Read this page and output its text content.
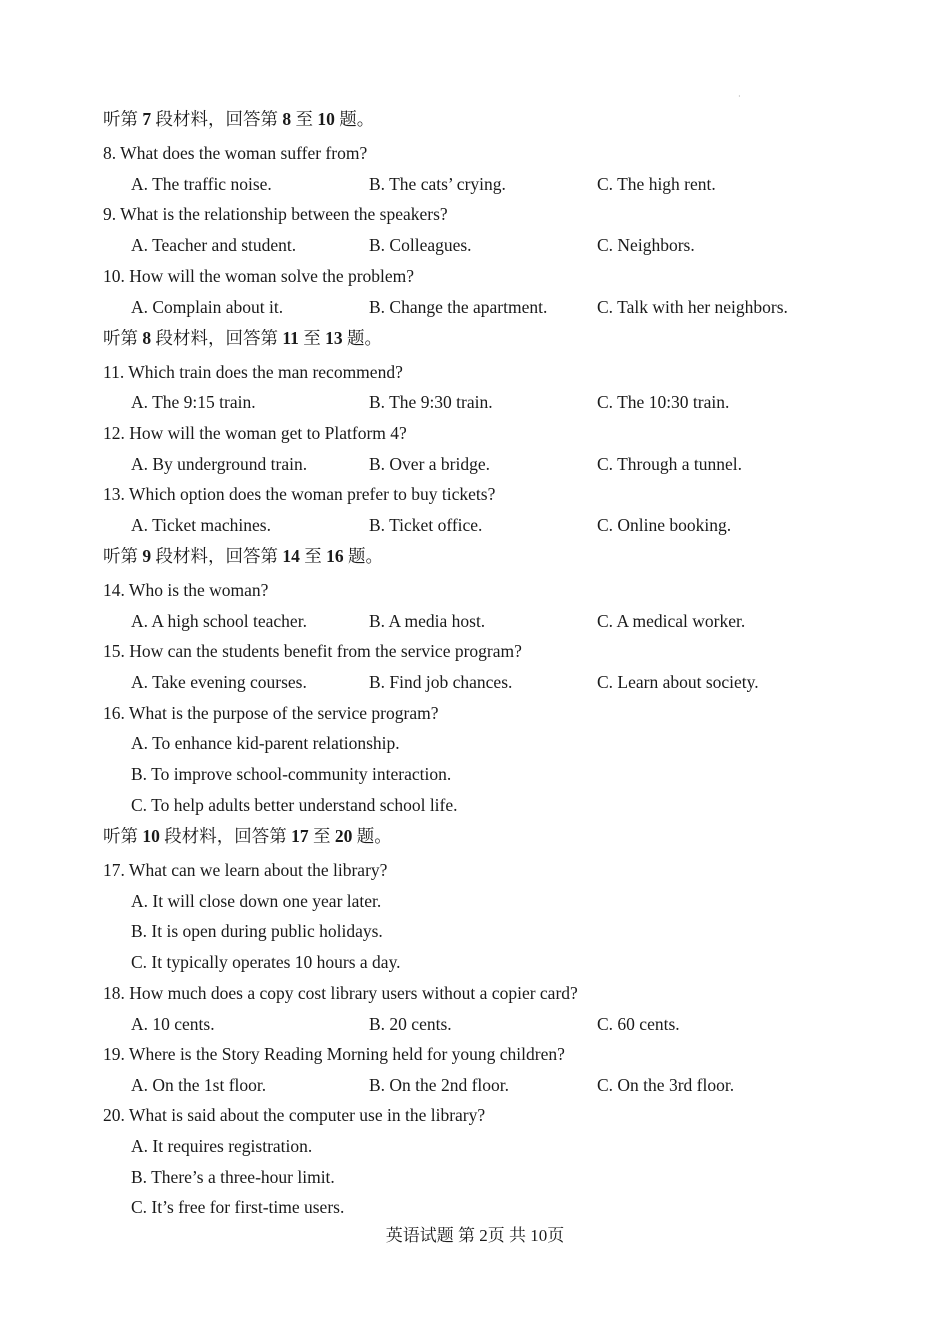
·
听第 7 段材料，回答第 8 至 10 题。
8. What does the woman suffer from?
A. The traffic noise.	B. The cats’ crying.	C. The high rent.
9. What is the relationship between the speakers?
A. Teacher and student.	B. Colleagues.	C. Neighbors.
10. How will the woman solve the problem?
A. Complain about it.	B. Change the apartment.	C. Talk with her neighbors.
听第 8 段材料，回答第 11 至 13 题。
11. Which train does the man recommend?
A. The 9:15 train.	B. The 9:30 train.	C. The 10:30 train.
12. How will the woman get to Platform 4?
A. By underground train.	B. Over a bridge.	C. Through a tunnel.
13. Which option does the woman prefer to buy tickets?
A. Ticket machines.	B. Ticket office.	C. Online booking.
听第 9 段材料，回答第 14 至 16 题。
14. Who is the woman?
A. A high school teacher.	B. A media host.	C. A medical worker.
15. How can the students benefit from the service program?
A. Take evening courses.	B. Find job chances.	C. Learn about society.
16. What is the purpose of the service program?
A. To enhance kid-parent relationship.
B. To improve school-community interaction.
C. To help adults better understand school life.
听第 10 段材料，回答第 17 至 20 题。
17. What can we learn about the library?
A. It will close down one year later.
B. It is open during public holidays.
C. It typically operates 10 hours a day.
18. How much does a copy cost library users without a copier card?
A. 10 cents.	B. 20 cents.	C. 60 cents.
19. Where is the Story Reading Morning held for young children?
A. On the 1st floor.	B. On the 2nd floor.	C. On the 3rd floor.
20. What is said about the computer use in the library?
A. It requires registration.
B. There’s a three-hour limit.
C. It’s free for first-time users.
英语试题 第 2页 共 10页
